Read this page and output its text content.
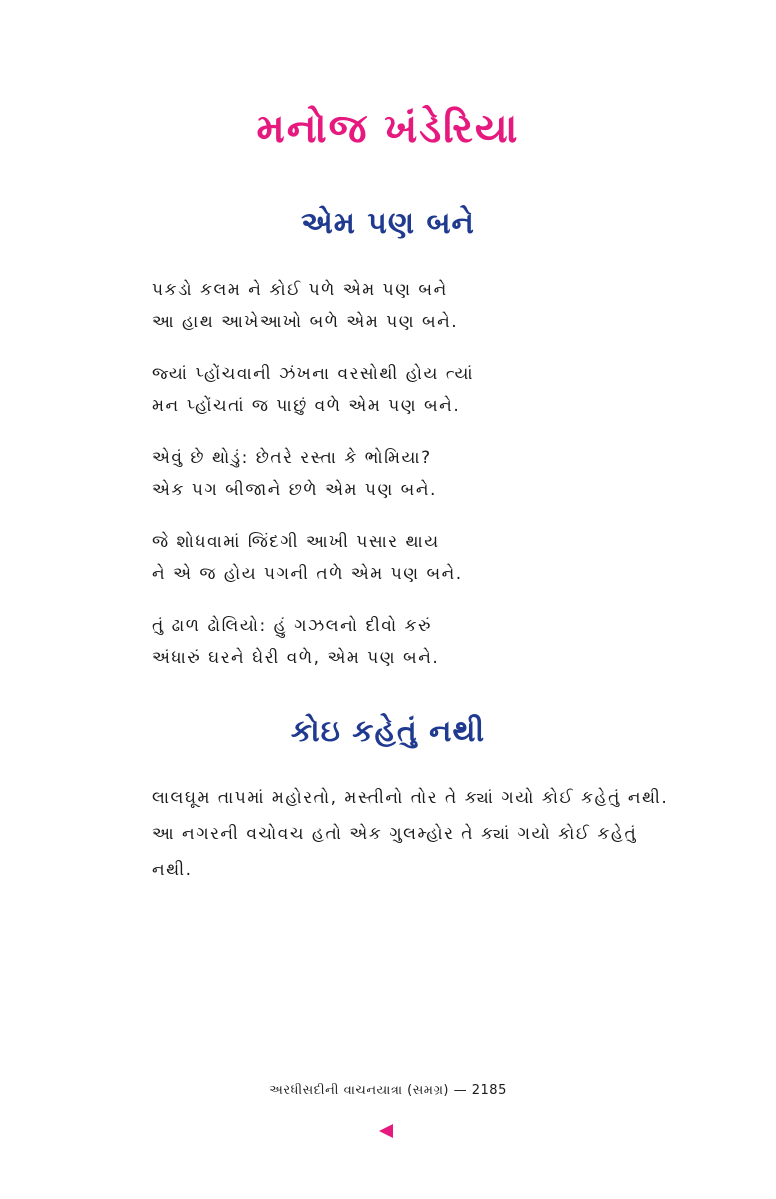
મનોજ ખંડેરિયા
એમ પણ બને
પકડો કલમ ને કોઈ પળે એમ પણ બને
આ હાથ આખેઆખો બળે એમ પણ બને.
જ્યાં પ્હોંચવાની ઝંખના વરસોથી હોય ત્યાં
મન પ્હોંચતાં જ પાછું વળે એમ પણ બને.
એવું છે થોડું: છેતરે રસ્તા કે ભોમિયા?
એક પગ બીજાને છળે એમ પણ બને.
જે શોધવામાં જિંદગી આખી પસાર થાય
ને એ જ હોય પગની તળે એમ પણ બને.
તું ઢાળ ઢોલિયો: હું ગઝલનો દીવો કરું
અંધારું ઘરને ઘેરી વળે, એમ પણ બને.
કોઇ કહેતું નથી

લાલઘૂમ તાપમાં મહોરતો, મસ્તીનો તોર તે ક્યાં ગયો કોઈ કહેતું નથી.

આ નગરની વચોવચ હતો એક ગુલમ્હોર તે ક્યાં ગયો કોઈ કહેતું નથી.

અરધીસદીની વાચનયાત્રા (સમગ્ર) — 2185
